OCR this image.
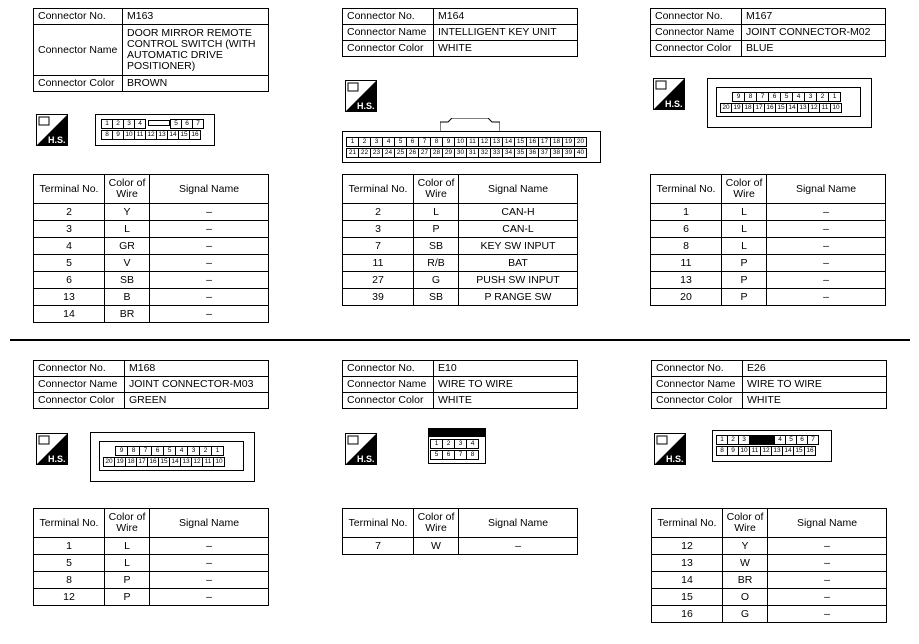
Connector No.	M163
Connector Name	DOOR MIRROR REMOTE CONTROL SWITCH (WITH AUTOMATIC DRIVE POSITIONER)
Connector Color	BROWN
H.S.
1	2	3	4	5	6	7
8	9 10 11 12 13 14 15 16
Terminal No.	Color of Wire	Signal Name
2	Y	–
3	L	–
4	GR	–
5	V	–
6	SB	–
13	B	–
14	BR	–
Connector No.	M164
Connector Name	INTELLIGENT KEY UNIT
Connector Color	WHITE
H.S.
1	2	3	4	5	6	7	8	9	10 11 12 13 14 15 16 17 18 19 20
21 22 23 24 25 26 27 28 29 30 31 32 33 34 35 36 37 38 39 40
Terminal No.	Color of Wire	Signal Name
2	L	CAN-H
3	P	CAN-L
7	SB	KEY SW INPUT
11	R/B	BAT
27	G	PUSH SW INPUT
39	SB	P RANGE SW
Connector No.	M167
Connector Name	JOINT CONNECTOR-M02
Connector Color	BLUE
H.S.
9	8	7	6	5	4	3	2	1
20 19 18 17 16 15 14 13 12 11 10
Terminal No.	Color of Wire	Signal Name
1	L	–
6	L	–
8	L	–
11	P	–
13	P	–
20	P	–
Connector No.	M168
Connector Name	JOINT CONNECTOR-M03
Connector Color	GREEN
H.S.
9	8	7	6	5	4	3	2	1
20 19 18 17 16 15 14 13 12 11 10
Terminal No.	Color of Wire	Signal Name
1	L	–
5	L	–
8	P	–
12	P	–
Connector No.	E10
Connector Name	WIRE TO WIRE
Connector Color	WHITE
H.S.
1	2	3	4
5	6	7	8
Terminal No.	Color of Wire	Signal Name
7	W	–
Connector No.	E26
Connector Name	WIRE TO WIRE
Connector Color	WHITE
H.S.
1	2	3	4	5	6	7
8	9 10 11 12 13 14 15 16
Terminal No.	Color of Wire	Signal Name
12	Y	–
13	W	–
14	BR	–
15	O	–
16	G	–
